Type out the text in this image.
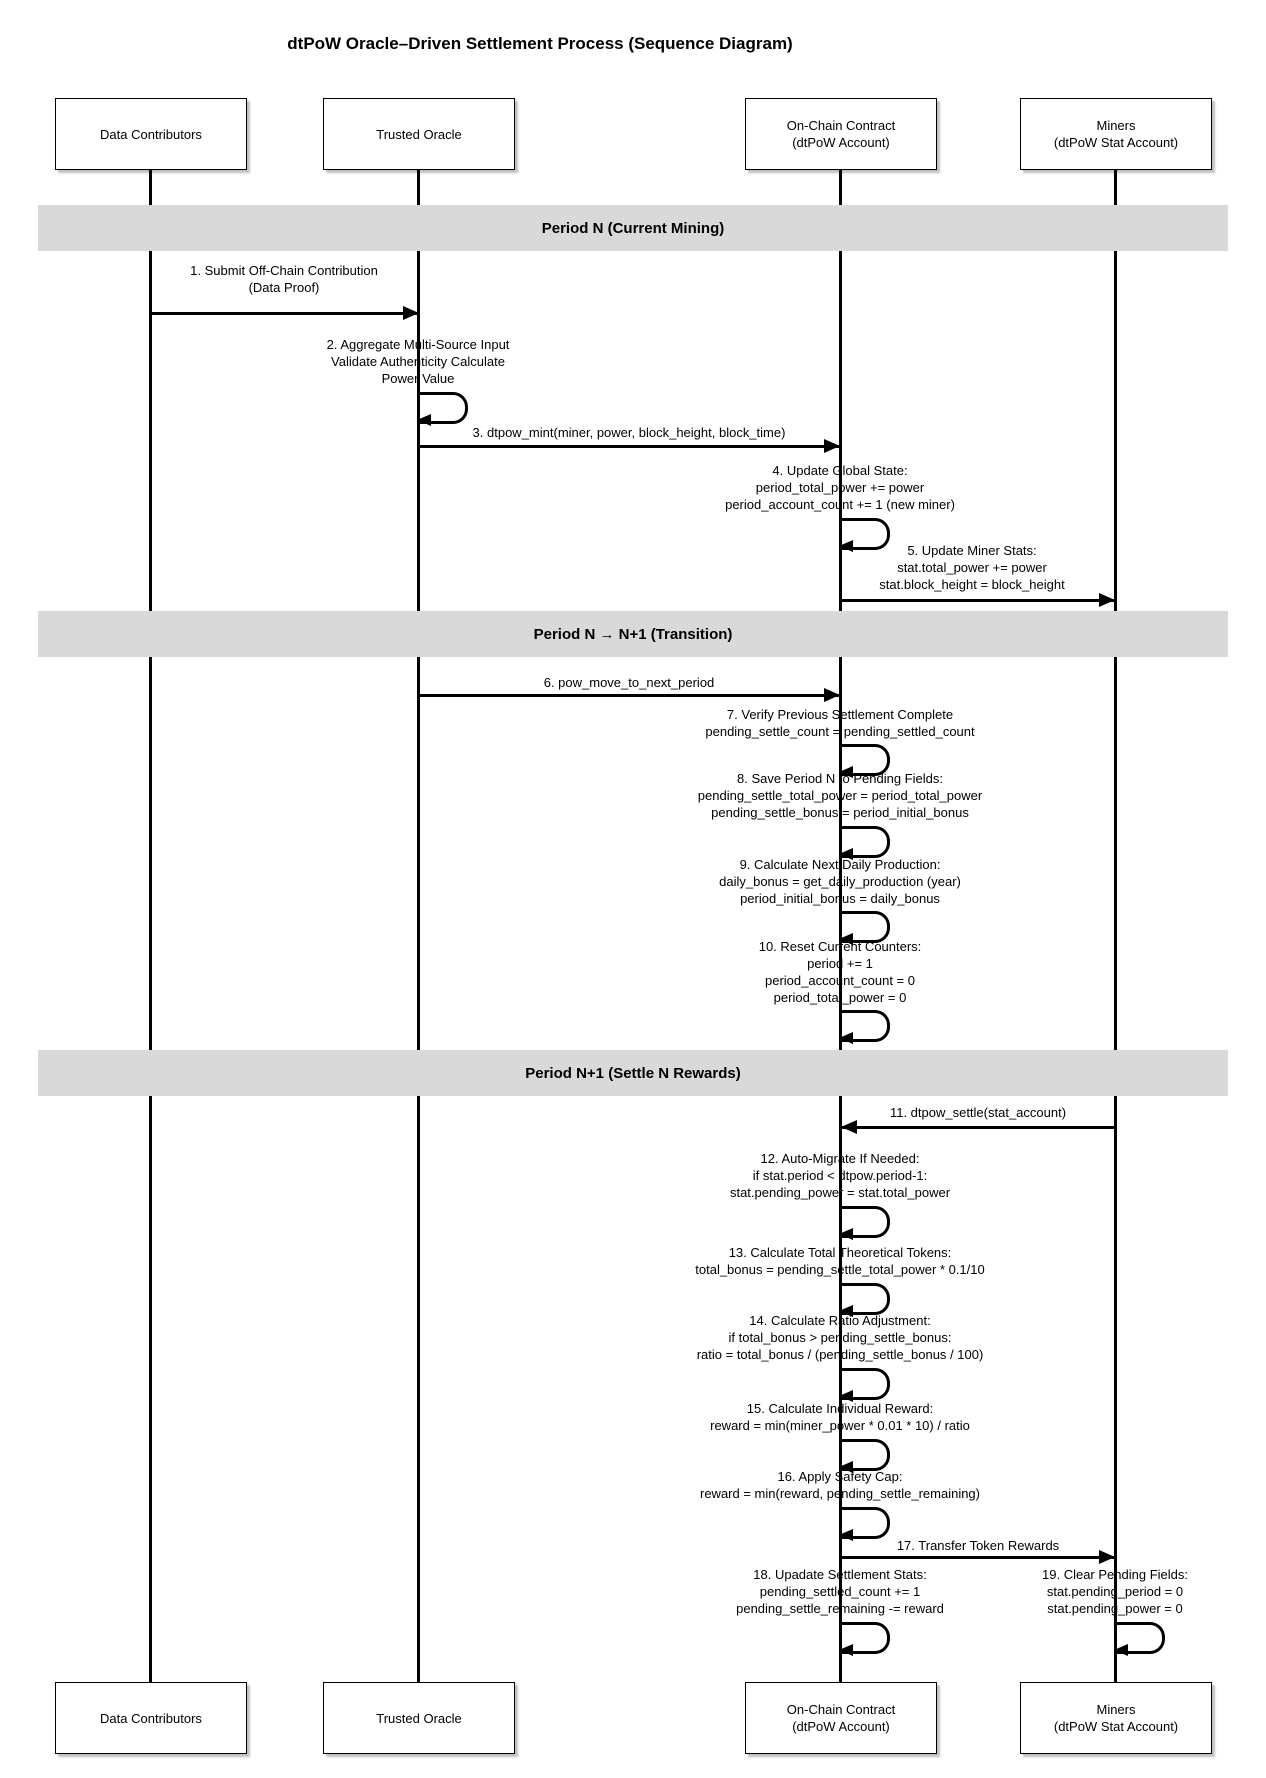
dtPoW Oracle–Driven Settlement Process (Sequence Diagram)
Period N (Current Mining)
Period N → N+1 (Transition)
Period N+1 (Settle N Rewards)
Data Contributors	Trusted Oracle
On-Chain Contract
(dtPoW Account)
Miners
(dtPoW Stat Account)
Data Contributors	Trusted Oracle
On-Chain Contract
(dtPoW Account)
Miners
(dtPoW Stat Account)
1. Submit Off-Chain Contribution
(Data Proof)
2. Aggregate Multi-Source Input
Validate Authenticity Calculate
Power Value
3. dtpow_mint(miner, power, block_height, block_time)
4. Update Global State:
period_total_power += power
period_account_count += 1 (new miner)
5. Update Miner Stats:
stat.total_power += power
stat.block_height = block_height
6. pow_move_to_next_period
7. Verify Previous Settlement Complete
pending_settle_count = pending_settled_count
8. Save Period N to Pending Fields:
pending_settle_total_power = period_total_power
pending_settle_bonus = period_initial_bonus
9. Calculate Next Daily Production:
daily_bonus = get_daily_production (year)
period_initial_bonus = daily_bonus
10. Reset Current Counters:
period += 1
period_account_count = 0
period_total_power = 0
11. dtpow_settle(stat_account)
12. Auto-Migrate If Needed:
if stat.period < dtpow.period-1:
stat.pending_power = stat.total_power
13. Calculate Total Theoretical Tokens:
total_bonus = pending_settle_total_power * 0.1/10
14. Calculate Ratio Adjustment:
if total_bonus > pending_settle_bonus:
ratio = total_bonus / (pending_settle_bonus / 100)
15. Calculate Individual Reward:
reward = min(miner_power * 0.01 * 10) / ratio
16. Apply Safety Cap:
reward = min(reward, pending_settle_remaining)
17. Transfer Token Rewards
18. Upadate Settlement Stats:
pending_settled_count += 1
pending_settle_remaining -= reward
19. Clear Pending Fields:
stat.pending_period = 0
stat.pending_power = 0
